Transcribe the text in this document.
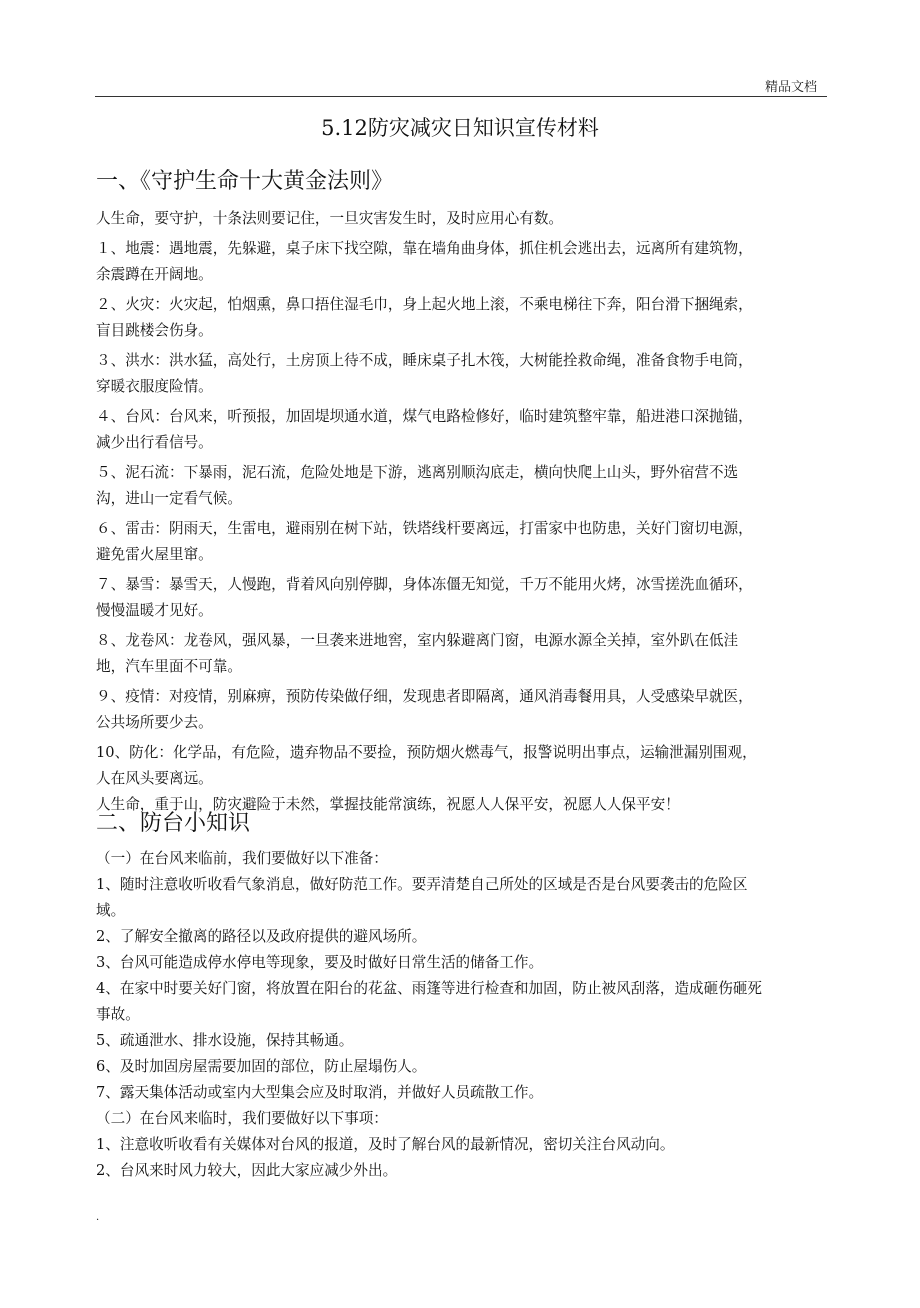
精品文档
5.12防灾减灾日知识宣传材料
一、《守护生命十大黄金法则》

人生命，要守护，十条法则要记住，一旦灾害发生时，及时应用心有数。

１、地震：遇地震，先躲避，桌子床下找空隙，靠在墙角曲身体，抓住机会逃出去，远离所有建筑物，余震蹲在开阔地。

２、火灾：火灾起，怕烟熏，鼻口捂住湿毛巾，身上起火地上滚，不乘电梯往下奔，阳台滑下捆绳索，盲目跳楼会伤身。

３、洪水：洪水猛，高处行，土房顶上待不成，睡床桌子扎木筏，大树能拴救命绳，准备食物手电筒，穿暖衣服度险情。

４、台风：台风来，听预报，加固堤坝通水道，煤气电路检修好，临时建筑整牢靠，船进港口深抛锚，减少出行看信号。

５、泥石流：下暴雨，泥石流，危险处地是下游，逃离别顺沟底走，横向快爬上山头，野外宿营不选沟，进山一定看气候。

６、雷击：阴雨天，生雷电，避雨别在树下站，铁塔线杆要离远，打雷家中也防患，关好门窗切电源，避免雷火屋里窜。

７、暴雪：暴雪天，人慢跑，背着风向别停脚，身体冻僵无知觉，千万不能用火烤，冰雪搓洗血循环，慢慢温暖才见好。

８、龙卷风：龙卷风，强风暴，一旦袭来进地窖，室内躲避离门窗，电源水源全关掉，室外趴在低洼地，汽车里面不可靠。

９、疫情：对疫情，别麻痹，预防传染做仔细，发现患者即隔离，通风消毒餐用具，人受感染早就医，公共场所要少去。

10、防化：化学品，有危险，遗弃物品不要捡，预防烟火燃毒气，报警说明出事点，运输泄漏别围观，人在风头要离远。

人生命，重于山，防灾避险于未然，掌握技能常演练，祝愿人人保平安，祝愿人人保平安！

二、防台小知识

（一）在台风来临前，我们要做好以下准备：

1、随时注意收听收看气象消息，做好防范工作。要弄清楚自己所处的区域是否是台风要袭击的危险区域。

2、了解安全撤离的路径以及政府提供的避风场所。

3、台风可能造成停水停电等现象，要及时做好日常生活的储备工作。

4、在家中时要关好门窗，将放置在阳台的花盆、雨篷等进行检查和加固，防止被风刮落，造成砸伤砸死事故。

5、疏通泄水、排水设施，保持其畅通。

6、及时加固房屋需要加固的部位，防止屋塌伤人。

7、露天集体活动或室内大型集会应及时取消，并做好人员疏散工作。

（二）在台风来临时，我们要做好以下事项：

1、注意收听收看有关媒体对台风的报道，及时了解台风的最新情况，密切关注台风动向。

2、台风来时风力较大，因此大家应减少外出。

.
